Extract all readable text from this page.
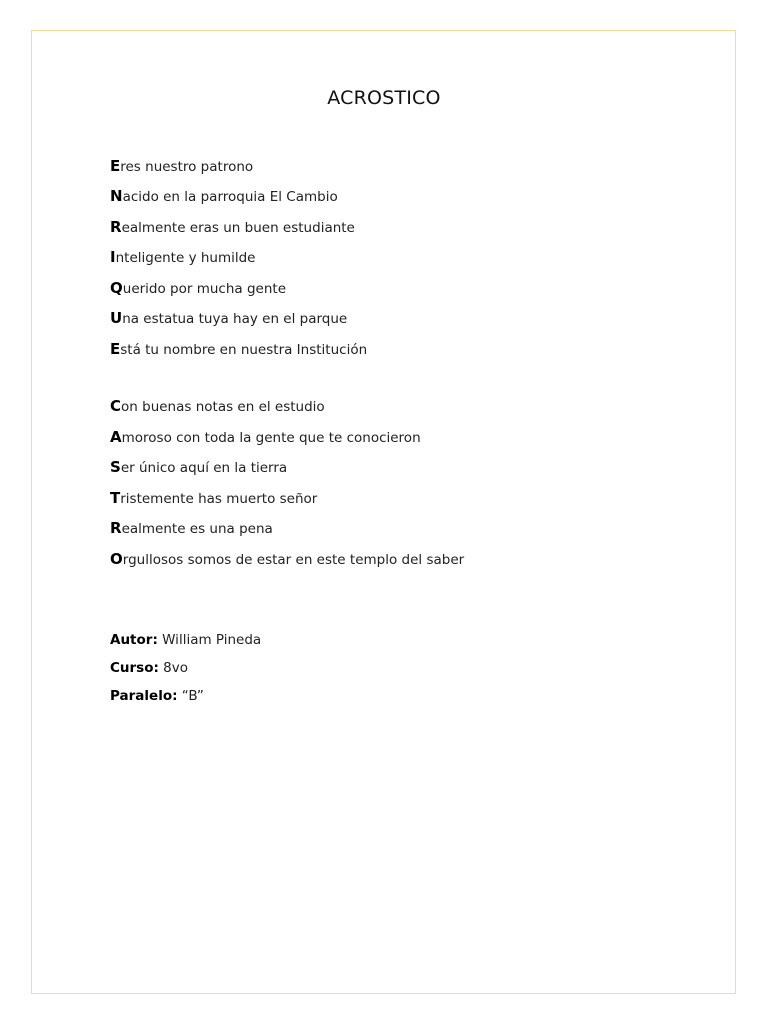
ACROSTICO
Eres nuestro patrono
Nacido en la parroquia El Cambio
Realmente eras un buen estudiante
Inteligente y humilde
Querido por mucha gente
Una estatua tuya hay en el parque
Está tu nombre en nuestra Institución
Con buenas notas en el estudio
Amoroso con toda la gente que te conocieron
Ser único aquí en la tierra
Tristemente has muerto señor
Realmente es una pena
Orgullosos somos de estar en este templo del saber
Autor: William Pineda
Curso: 8vo
Paralelo: “B”
